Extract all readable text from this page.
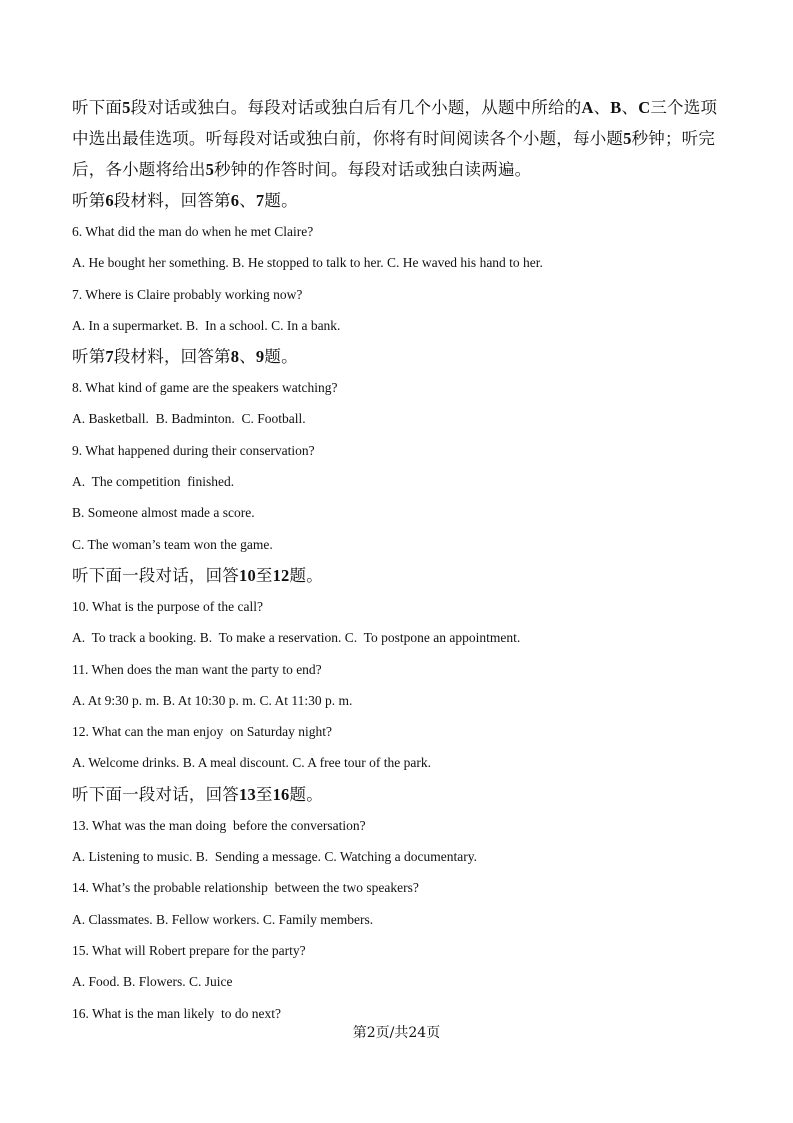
听下面5段对话或独白。每段对话或独白后有几个小题，从题中所给的A、B、C三个选项中选出最佳选项。听每段对话或独白前，你将有时间阅读各个小题，每小题5秒钟；听完后，各小题将给出5秒钟的作答时间。每段对话或独白读两遍。

听第6段材料，回答第6、7题。

6. What did the man do when he met Claire?

A. He bought her something. B. He stopped to talk to her. C. He waved his hand to her.

7. Where is Claire probably working now?

A. In a supermarket. B.  In a school. C. In a bank.

听第7段材料，回答第8、9题。

8. What kind of game are the speakers watching?

A. Basketball.  B. Badminton.  C. Football.

9. What happened during their conservation?

A.  The competition  finished.

B. Someone almost made a score.

C. The woman’s team won the game.

听下面一段对话，回答10至12题。

10. What is the purpose of the call?

A.  To track a booking. B.  To make a reservation. C.  To postpone an appointment.

11. When does the man want the party to end?

A. At 9:30 p. m. B. At 10:30 p. m. C. At 11:30 p. m.

12. What can the man enjoy  on Saturday night?

A. Welcome drinks. B. A meal discount. C. A free tour of the park.

听下面一段对话，回答13至16题。

13. What was the man doing  before the conversation?

A. Listening to music. B.  Sending a message. C. Watching a documentary.

14. What’s the probable relationship  between the two speakers?

A. Classmates. B. Fellow workers. C. Family members.

15. What will Robert prepare for the party?

A. Food. B. Flowers. C. Juice

16. What is the man likely  to do next?

第2页/共24页
